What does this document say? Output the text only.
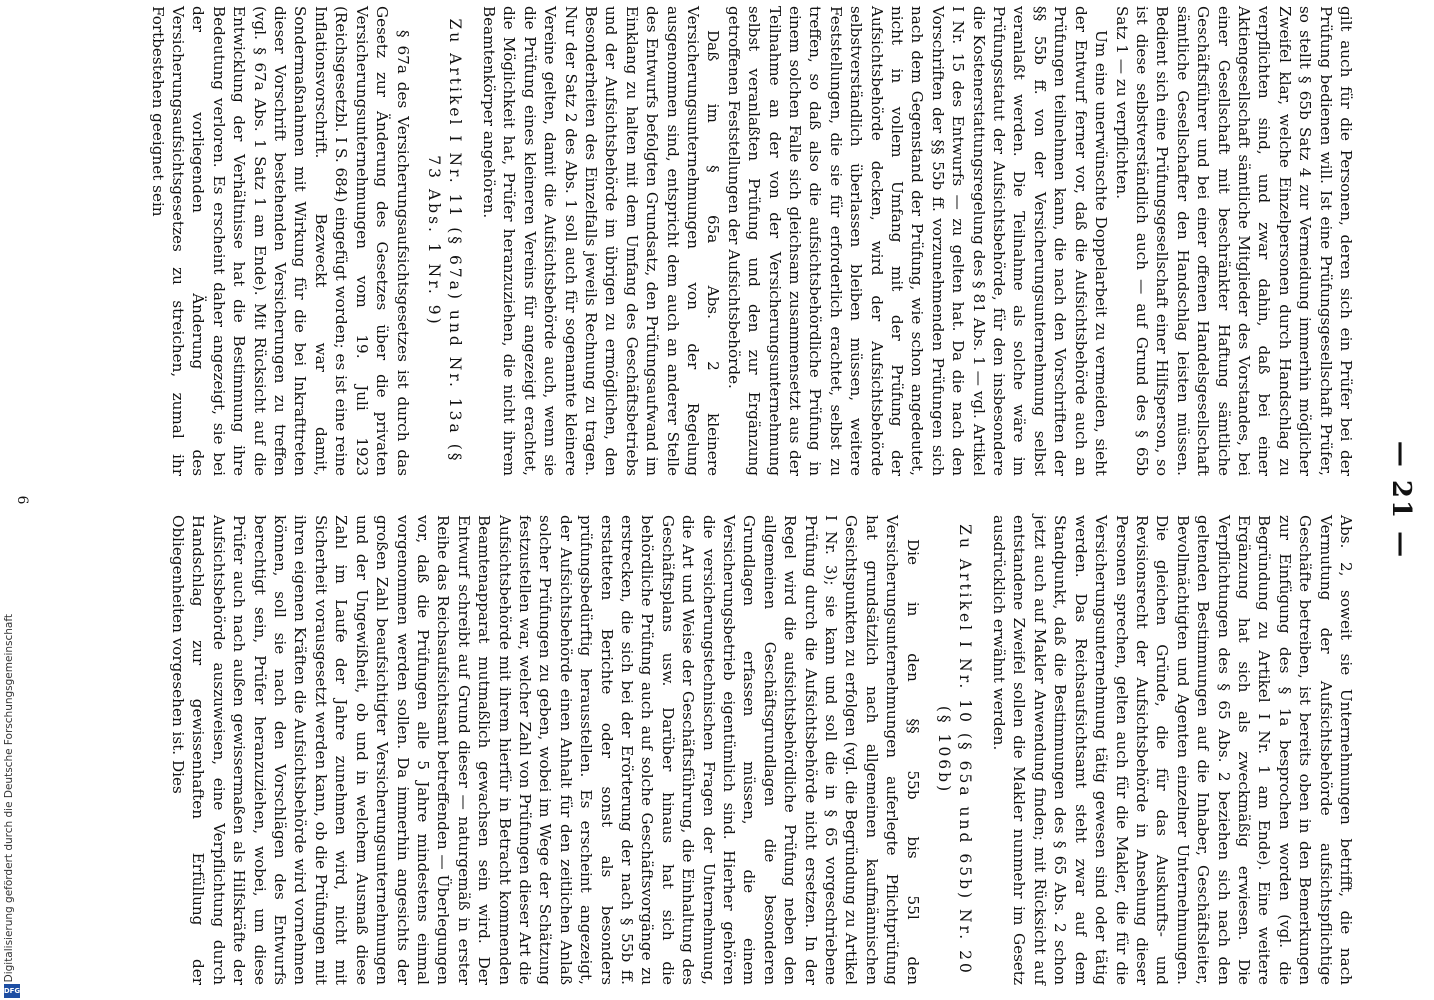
— 21 —

gilt auch für die Personen, deren sich ein Prüfer bei der Prüfung bedienen will. Ist eine Prüfungsgesellschaft Prüfer, so stellt § 65b Satz 4 zur Vermeidung immerhin möglicher Zweifel klar, welche Einzelpersonen durch Handschlag zu verpflichten sind, und zwar dahin, daß bei einer Aktiengesellschaft sämtliche Mitglieder des Vorstandes, bei einer Gesellschaft mit beschränkter Haftung sämtliche Geschäftsführer und bei einer offenen Handelsgesellschaft sämtliche Gesellschafter den Handschlag leisten müssen. Bedient sich eine Prüfungsgesellschaft einer Hilfsperson, so ist diese selbstverständlich auch — auf Grund des § 65b Satz 1 — zu verpflichten.

Um eine unerwünschte Doppelarbeit zu vermeiden, sieht der Entwurf ferner vor, daß die Aufsichtsbehörde auch an Prüfungen teilnehmen kann, die nach den Vorschriften der §§ 55b ff. von der Versicherungsunternehmung selbst veranlaßt werden. Die Teilnahme als solche wäre im Prüfungsstatut der Aufsichtsbehörde, für den insbesondere die Kostenerstattungsregelung des § 81 Abs. 1 — vgl. Artikel I Nr. 15 des Entwurfs — zu gelten hat. Da die nach den Vorschriften der §§ 55b ff. vorzunehmenden Prüfungen sich nach dem Gegenstand der Prüfung, wie schon angedeutet, nicht in vollem Umfang mit der Prüfung der Aufsichtsbehörde decken, wird der Aufsichtsbehörde selbstverständlich überlassen bleiben müssen, weitere Feststellungen, die sie für erforderlich erachtet, selbst zu treffen, so daß also die aufsichtsbehördliche Prüfung in einem solchen Falle sich gleichsam zusammensetzt aus der Teilnahme an der von der Versicherungsunternehmung selbst veranlaßten Prüfung und den zur Ergänzung getroffenen Feststellungen der Aufsichtsbehörde.

Daß im § 65a Abs. 2 kleinere Versicherungsunternehmungen von der Regelung ausgenommen sind, entspricht dem auch an anderer Stelle des Entwurfs befolgten Grundsatz, den Prüfungsaufwand im Einklang zu halten mit dem Umfang des Geschäftsbetriebs und der Aufsichtsbehörde im übrigen zu ermöglichen, den Besonderheiten des Einzelfalls jeweils Rechnung zu tragen. Nur der Satz 2 des Abs. 1 soll auch für sogenannte kleinere Vereine gelten, damit die Aufsichtsbehörde auch, wenn sie die Prüfung eines kleineren Vereins für angezeigt erachtet, die Möglichkeit hat, Prüfer heranzuziehen, die nicht ihrem Beamtenkörper angehören.

Zu Artikel I Nr. 11 (§ 67a) und Nr. 13a (§ 73 Abs. 1 Nr. 9)

§ 67a des Versicherungsaufsichtsgesetzes ist durch das Gesetz zur Änderung des Gesetzes über die privaten Versicherungsunternehmungen vom 19. Juli 1923 (Reichsgesetzbl. I S. 684) eingefügt worden; es ist eine reine Inflationsvorschrift. Bezweckt war damit, Sondermaßnahmen mit Wirkung für die bei Inkrafttreten dieser Vorschrift bestehenden Versicherungen zu treffen (vgl. § 67a Abs. 1 Satz 1 am Ende). Mit Rücksicht auf die Entwicklung der Verhältnisse hat die Bestimmung ihre Bedeutung verloren. Es erscheint daher angezeigt, sie bei der vorliegenden Änderung des Versicherungsaufsichtsgesetzes zu streichen, zumal ihr Fortbestehen geeignet sein

Abs. 2, soweit sie Unternehmungen betrifft, die nach Vermutung der Aufsichtsbehörde aufsichtspflichtige Geschäfte betreiben, ist bereits oben in den Bemerkungen zur Einfügung des § 1a besprochen worden (vgl. die Begründung zu Artikel I Nr. 1 am Ende). Eine weitere Ergänzung hat sich als zweckmäßig erwiesen. Die Verpflichtungen des § 65 Abs. 2 beziehen sich nach den geltenden Bestimmungen auf die Inhaber, Geschäftsleiter, Bevollmächtigten und Agenten einzelner Unternehmungen. Die gleichen Gründe, die für das Auskunfts- und Revisionsrecht der Aufsichtsbehörde in Ansehung dieser Personen sprechen, gelten auch für die Makler, die für die Versicherungsunternehmung tätig gewesen sind oder tätig werden. Das Reichsaufsichtsamt steht zwar auf dem Standpunkt, daß die Bestimmungen des § 65 Abs. 2 schon jetzt auch auf Makler Anwendung finden; mit Rücksicht auf entstandene Zweifel sollen die Makler nunmehr im Gesetz ausdrücklich erwähnt werden.

Zu Artikel I Nr. 10 (§ 65a und 65b) Nr. 20 (§ 106b)

Die in den §§ 55b bis 55l den Versicherungsunternehmungen auferlegte Pflichtprüfung hat grundsätzlich nach allgemeinen kaufmännischen Gesichtspunkten zu erfolgen (vgl. die Begründung zu Artikel I Nr. 3); sie kann und soll die in § 65 vorgeschriebene Prüfung durch die Aufsichtsbehörde nicht ersetzen. In der Regel wird die aufsichtsbehördliche Prüfung neben den allgemeinen Geschäftsgrundlagen die besonderen Grundlagen erfassen müssen, die einem Versicherungsbetrieb eigentümlich sind. Hierher gehören die versicherungstechnischen Fragen der Unternehmung, die Art und Weise der Geschäftsführung, die Einhaltung des Geschäftsplans usw. Darüber hinaus hat sich die behördliche Prüfung auch auf solche Geschäftsvorgänge zu erstrecken, die sich bei der Erörterung der nach § 55b ff. erstatteten Berichte oder sonst als besonders prüfungsbedürftig herausstellen. Es erscheint angezeigt, der Aufsichtsbehörde einen Anhalt für den zeitlichen Anlaß solcher Prüfungen zu geben, wobei im Wege der Schätzung festzustellen war, welcher Zahl von Prüfungen dieser Art die Aufsichtsbehörde mit ihrem hierfür in Betracht kommenden Beamtenapparat mutmaßlich gewachsen sein wird. Der Entwurf schreibt auf Grund dieser — naturgemäß in erster Reihe das Reichsaufsichtsamt betreffenden — Überlegungen vor, daß die Prüfungen alle 5 Jahre mindestens einmal vorgenommen werden sollen. Da immerhin angesichts der großen Zahl beaufsichtigter Versicherungsunternehmungen und der Ungewißheit, ob und in welchem Ausmaß diese Zahl im Laufe der Jahre zunehmen wird, nicht mit Sicherheit vorausgesetzt werden kann, ob die Prüfungen mit ihren eigenen Kräften die Aufsichtsbehörde wird vornehmen können, soll sie nach den Vorschlägen des Entwurfs berechtigt sein, Prüfer heranzuziehen, wobei, um diese Prüfer auch nach außen gewissermaßen als Hilfskräfte der Aufsichtsbehörde auszuweisen, eine Verpflichtung durch Handschlag zur gewissenhaften Erfüllung der Obliegenheiten vorgesehen ist. Dies

6
Digitalisierung gefördert durch die Deutsche Forschungsgemeinschaft
DFG
